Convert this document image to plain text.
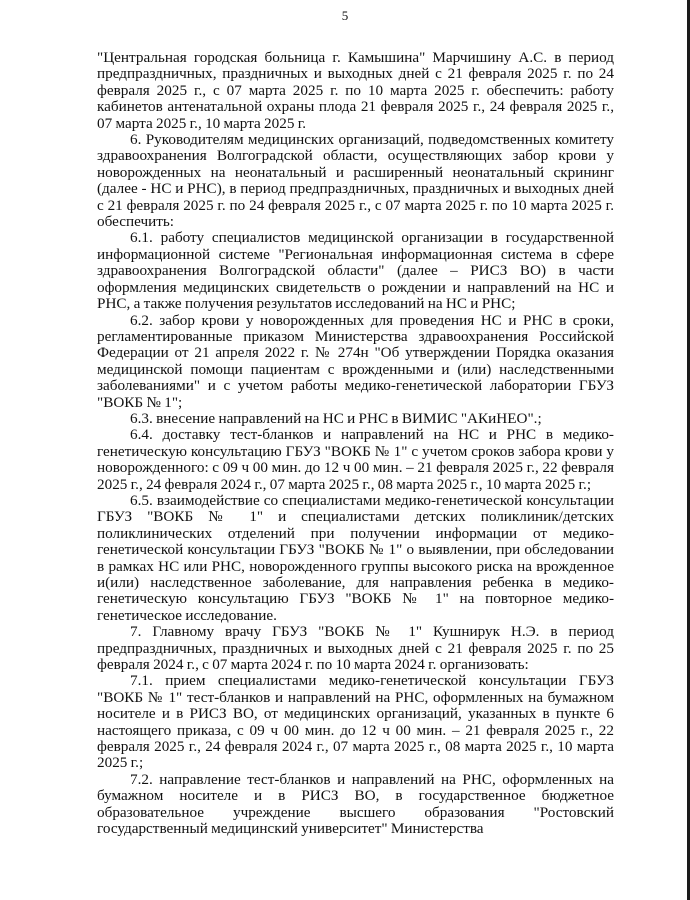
5

"Центральная городская больница г. Камышина" Марчишину А.С. в период предпраздничных, праздничных и выходных дней с 21 февраля 2025 г. по 24 февраля 2025 г., с 07 марта 2025 г. по 10 марта 2025 г. обеспечить: работу кабинетов антенатальной охраны плода 21 февраля 2025 г., 24 февраля 2025 г., 07 марта 2025 г., 10 марта 2025 г.

6. Руководителям медицинских организаций, подведомственных комитету здравоохранения Волгоградской области, осуществляющих забор крови у новорожденных на неонатальный и расширенный неонатальный скрининг (далее - НС и РНС), в период предпраздничных, праздничных и выходных дней с 21 февраля 2025 г. по 24 февраля 2025 г., с 07 марта 2025 г. по 10 марта 2025 г. обеспечить:

6.1. работу специалистов медицинской организации в государственной информационной системе "Региональная информационная система в сфере здравоохранения Волгоградской области" (далее – РИСЗ ВО) в части оформления медицинских свидетельств о рождении и направлений на НС и РНС, а также получения результатов исследований на НС и РНС;

6.2. забор крови у новорожденных для проведения НС и РНС в сроки, регламентированные приказом Министерства здравоохранения Российской Федерации от 21 апреля 2022 г. № 274н "Об утверждении Порядка оказания медицинской помощи пациентам с врожденными и (или) наследственными заболеваниями" и с учетом работы медико-генетической лаборатории ГБУЗ "ВОКБ № 1";

6.3. внесение направлений на НС и РНС в ВИМИС "АКиНЕО".;

6.4. доставку тест-бланков и направлений на НС и РНС в медико-генетическую консультацию ГБУЗ "ВОКБ № 1" с учетом сроков забора крови у новорожденного: с 09 ч 00 мин. до 12 ч 00 мин. – 21 февраля 2025 г., 22 февраля 2025 г., 24 февраля 2024 г., 07 марта 2025 г., 08 марта 2025 г., 10 марта 2025 г.;

6.5. взаимодействие со специалистами медико-генетической консультации ГБУЗ "ВОКБ № 1" и специалистами детских поликлиник/детских поликлинических отделений при получении информации от медико-генетической консультации ГБУЗ "ВОКБ № 1" о выявлении, при обследовании в рамках НС или РНС, новорожденного группы высокого риска на врожденное и(или) наследственное заболевание, для направления ребенка в медико-генетическую консультацию ГБУЗ "ВОКБ № 1" на повторное медико-генетическое исследование.

7. Главному врачу ГБУЗ "ВОКБ № 1" Кушнирук Н.Э. в период предпраздничных, праздничных и выходных дней с 21 февраля 2025 г. по 25 февраля 2024 г., с 07 марта 2024 г. по 10 марта 2024 г. организовать:

7.1. прием специалистами медико-генетической консультации ГБУЗ "ВОКБ № 1" тест-бланков и направлений на РНС, оформленных на бумажном носителе и в РИСЗ ВО, от медицинских организаций, указанных в пункте 6 настоящего приказа, с 09 ч 00 мин. до 12 ч 00 мин. – 21 февраля 2025 г., 22 февраля 2025 г., 24 февраля 2024 г., 07 марта 2025 г., 08 марта 2025 г., 10 марта 2025 г.;

7.2. направление тест-бланков и направлений на РНС, оформленных на бумажном носителе и в РИСЗ ВО, в государственное бюджетное образовательное учреждение высшего образования "Ростовский государственный медицинский университет" Министерства
